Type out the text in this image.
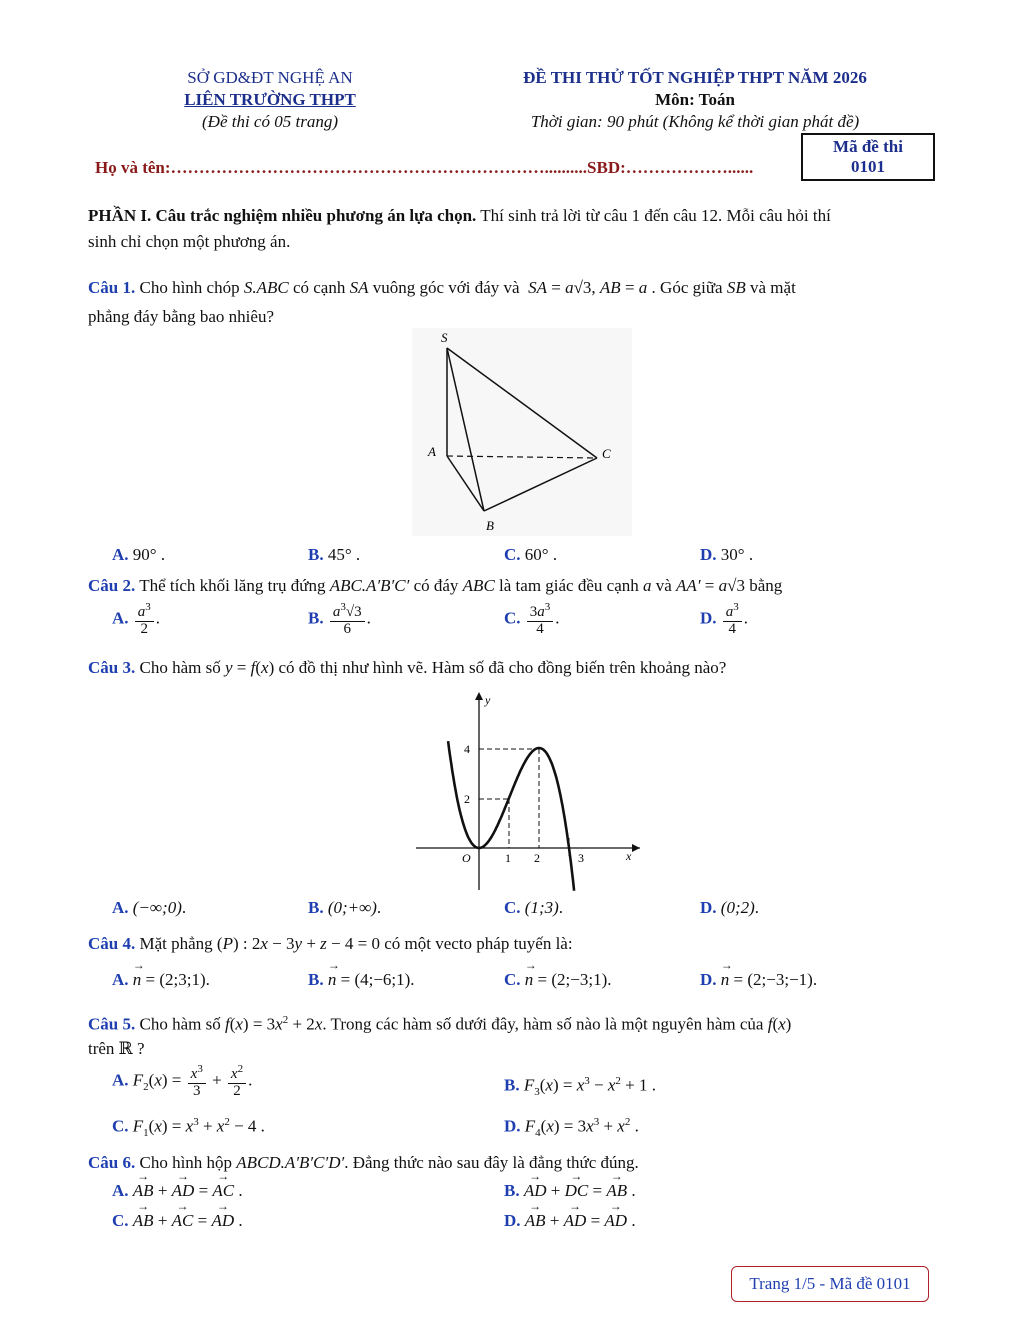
SỞ GD&ĐT NGHỆ AN
LIÊN TRƯỜNG THPT
(Đề thi có 05 trang)
ĐỀ THI THỬ TỐT NGHIỆP THPT NĂM 2026
Môn: Toán
Thời gian: 90 phút (Không kể thời gian phát đề)
Mã đề thi
0101
Họ và tên:…………………………………………………………..........SBD:………………......
PHẦN I. Câu trắc nghiệm nhiều phương án lựa chọn. Thí sinh trả lời từ câu 1 đến câu 12. Mỗi câu hỏi thí
sinh chỉ chọn một phương án.
Câu 1. Cho hình chóp S.ABC có cạnh SA vuông góc với đáy và SA = a√3, AB = a . Góc giữa SB và mặt
phẳng đáy bằng bao nhiêu?
S
A	C
B
A. 90° .	B. 45° .	C. 60° .	D. 30° .
Câu 2. Thể tích khối lăng trụ đứng ABC.A′B′C′ có đáy ABC là tam giác đều cạnh a và AA′ = a√3 bằng
A. $\frac{a^3}{2}$ .	B. $\frac{a^3√3}{6}$ .	C. $\frac{3a^3}{4}$ .	D. $\frac{a^3}{4}$ .
Câu 3. Cho hàm số y = f(x) có đồ thị như hình vẽ. Hàm số đã cho đồng biến trên khoảng nào?
y
x
O	1 2	3
2
4
A. (−∞;0).	B. (0;+∞).	C. (1;3).	D. (0;2).
Câu 4. Mặt phẳng (P) : 2x − 3y + z − 4 = 0 có một vecto pháp tuyến là:
A. → n = (2;3;1).	B. → n = (4;−6;1).	C. → n = (2;−3;1).	D. → n = (2;−3;−1).
Câu 5. Cho hàm số $f(x) = 3x^2 + 2x$. Trong các hàm số dưới đây, hàm số nào là một nguyên hàm của f(x)
trên ℝ ?
A. $F_2(x) = \frac{x^3}{3} + \frac{x^2}{2}$ .	B. $F_3(x) = x^3 - x^2 + 1$ .
C. $F_1(x) = x^3 + x^2 - 4$ .	D. $F_4(x) = 3x^3 + x^2$ .
Câu 6. Cho hình hộp ABCD.A′B′C′D′. Đẳng thức nào sau đây là đẳng thức đúng.
A. → AB + → AD = → AC .	B. → AD + → DC = → AB .
C. → AB + → AC = → AD .	D. → AB + → AD = → AD .
Trang 1/5 - Mã đề 0101
